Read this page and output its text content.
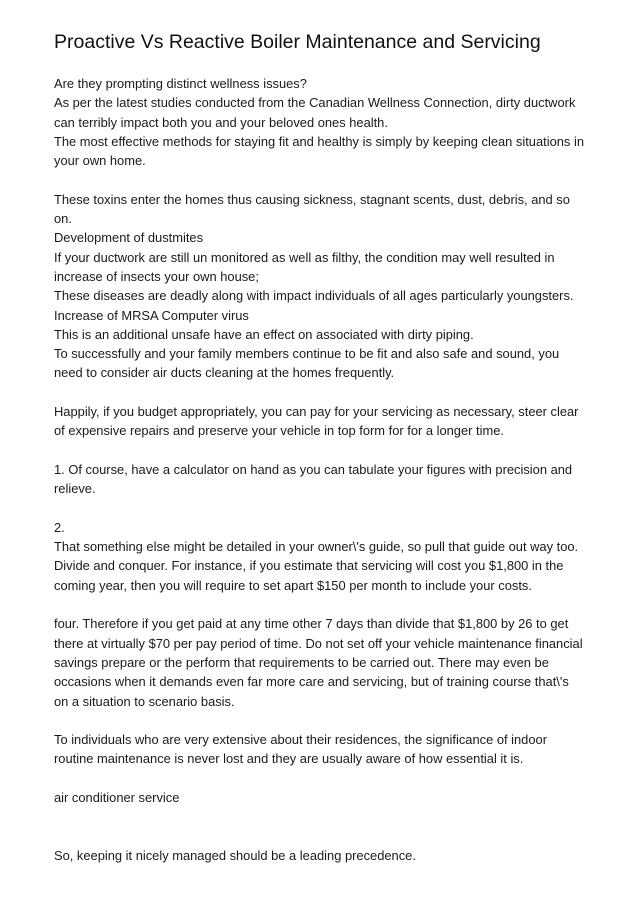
Proactive Vs Reactive Boiler Maintenance and Servicing
Are they prompting distinct wellness issues?
As per the latest studies conducted from the Canadian Wellness Connection, dirty ductwork
can terribly impact both you and your beloved ones health.
The most effective methods for staying fit and healthy is simply by keeping clean situations in
your own home.
These toxins enter the homes thus causing sickness, stagnant scents, dust, debris, and so
on.
Development of dustmites
If your ductwork are still un monitored as well as filthy, the condition may well resulted in
increase of insects your own house;
These diseases are deadly along with impact individuals of all ages particularly youngsters.
Increase of MRSA Computer virus
This is an additional unsafe have an effect on associated with dirty piping.
To successfully and your family members continue to be fit and also safe and sound, you
need to consider air ducts cleaning at the homes frequently.
Happily, if you budget appropriately, you can pay for your servicing as necessary, steer clear
of expensive repairs and preserve your vehicle in top form for for a longer time.
1. Of course, have a calculator on hand as you can tabulate your figures with precision and
relieve.
2.
That something else might be detailed in your owner\'s guide, so pull that guide out way too.
Divide and conquer. For instance, if you estimate that servicing will cost you $1,800 in the
coming year, then you will require to set apart $150 per month to include your costs.
four. Therefore if you get paid at any time other 7 days than divide that $1,800 by 26 to get
there at virtually $70 per pay period of time. Do not set off your vehicle maintenance financial
savings prepare or the perform that requirements to be carried out. There may even be
occasions when it demands even far more care and servicing, but of training course that\'s
on a situation to scenario basis.
To individuals who are very extensive about their residences, the significance of indoor
routine maintenance is never lost and they are usually aware of how essential it is.
air conditioner service
So, keeping it nicely managed should be a leading precedence.
